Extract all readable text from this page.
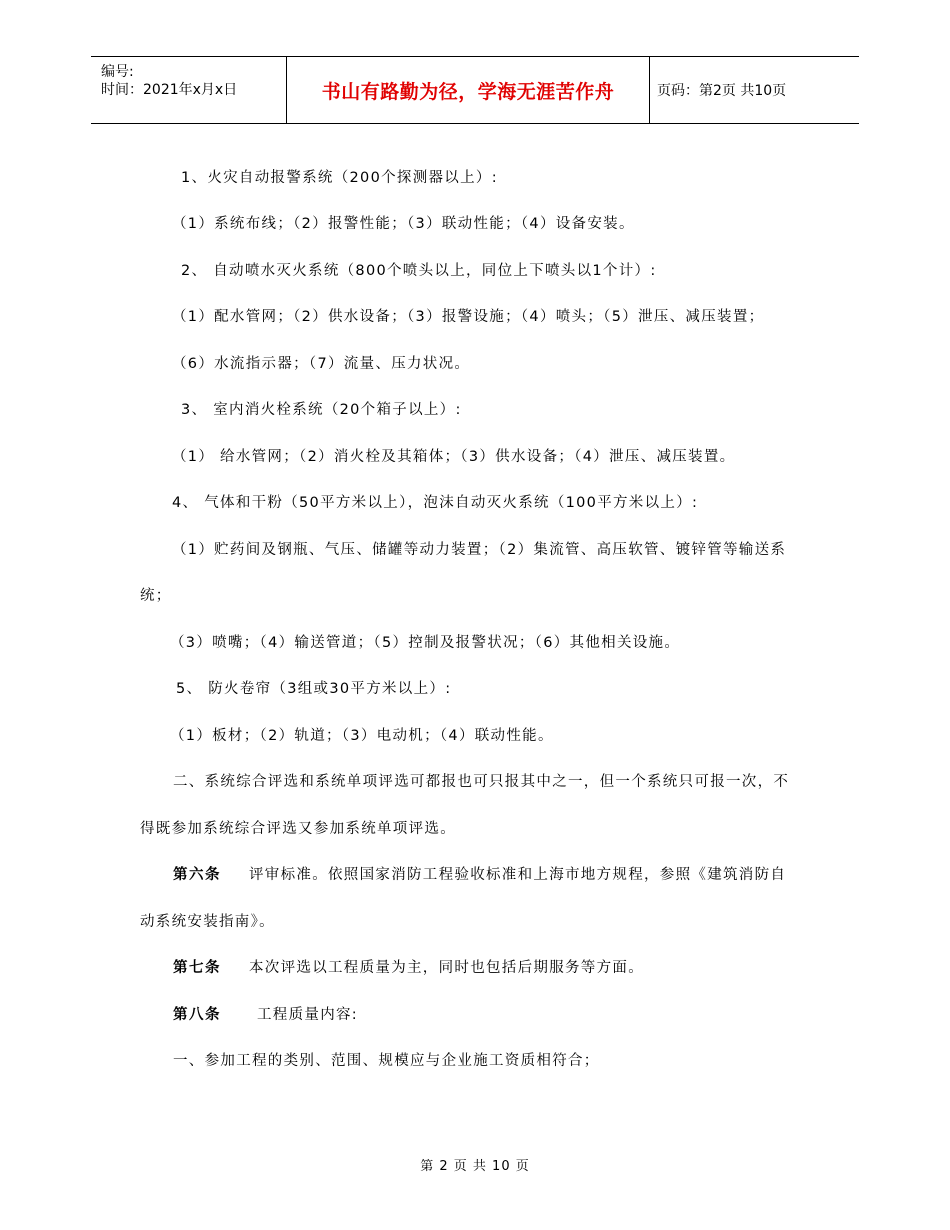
编号:
时间：2021年x月x日	书山有路勤为径，学海无涯苦作舟	页码：第2页 共10页
1、火灾自动报警系统（200个探测器以上）:
（1）系统布线；（2）报警性能；（3）联动性能；（4）设备安装。
2、 自动喷水灭火系统（800个喷头以上，同位上下喷头以1个计）:
（1）配水管网；（2）供水设备；（3）报警设施；（4）喷头；（5）泄压、减压装置；
（6）水流指示器；（7）流量、压力状况。
3、 室内消火栓系统（20个箱子以上）:
（1） 给水管网；（2）消火栓及其箱体；（3）供水设备；（4）泄压、减压装置。
4、 气体和干粉（50平方米以上），泡沫自动灭火系统（100平方米以上）:
（1）贮药间及钢瓶、气压、储罐等动力装置；（2）集流管、高压软管、镀锌管等输送系
统；
（3）喷嘴；（4）输送管道；（5）控制及报警状况；（6）其他相关设施。
5、 防火卷帘（3组或30平方米以上）:
（1）板材；（2）轨道；（3）电动机；（4）联动性能。
二、系统综合评选和系统单项评选可都报也可只报其中之一，但一个系统只可报一次，不
得既参加系统综合评选又参加系统单项评选。
第六条 评审标准。依照国家消防工程验收标准和上海市地方规程，参照《建筑消防自
动系统安装指南》。
第七条 本次评选以工程质量为主，同时也包括后期服务等方面。
第八条 工程质量内容:
一、参加工程的类别、范围、规模应与企业施工资质相符合；
第 2 页 共 10 页
